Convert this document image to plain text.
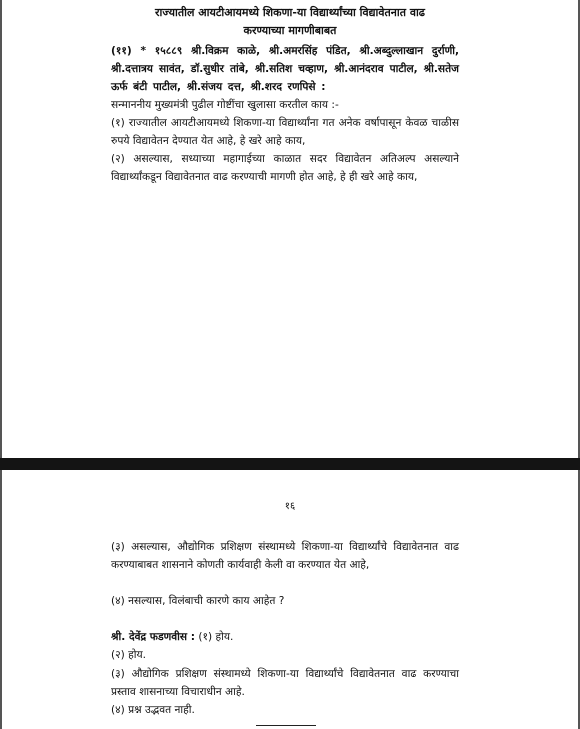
राज्यातील आयटीआयमध्ये शिकणा-या विद्यार्थ्यांच्या विद्यावेतनात वाढ
करण्याच्या मागणीबाबत

(११) * १५८८९ श्री.विक्रम काळे, श्री.अमरसिंह पंडित, श्री.अब्दुल्लाखान दुर्राणी, श्री.दत्तात्रय सावंत, डॉ.सुधीर तांबे, श्री.सतिश चव्हाण, श्री.आनंदराव पाटील, श्री.सतेज ऊर्फ बंटी पाटील, श्री.संजय दत्त, श्री.शरद रणपिसे :

सन्माननीय मुख्यमंत्री पुढील गोष्टींचा खुलासा करतील काय :-

(१) राज्यातील आयटीआयमध्ये शिकणा-या विद्यार्थ्यांना गत अनेक वर्षापासून केवळ चाळीस रुपये विद्यावेतन देण्यात येत आहे, हे खरे आहे काय,

(२) असल्यास, सध्याच्या महागाईच्या काळात सदर विद्यावेतन अतिअल्प असल्याने विद्यार्थ्यांकडून विद्यावेतनात वाढ करण्याची मागणी होत आहे, हे ही खरे आहे काय,

१६

(३) असल्यास, औद्योगिक प्रशिक्षण संस्थामध्ये शिकणा-या विद्यार्थ्यांचे विद्यावेतनात वाढ करण्याबाबत शासनाने कोणती कार्यवाही केली वा करण्यात येत आहे,

(४) नसल्यास, विलंबाची कारणे काय आहेत ?

श्री. देवेंद्र फडणवीस : (१) होय.

(२) होय.

(३) औद्योगिक प्रशिक्षण संस्थामध्ये शिकणा-या विद्यार्थ्यांचे विद्यावेतनात वाढ करण्याचा प्रस्ताव शासनाच्या विचाराधीन आहे.

(४) प्रश्न उद्भवत नाही.
